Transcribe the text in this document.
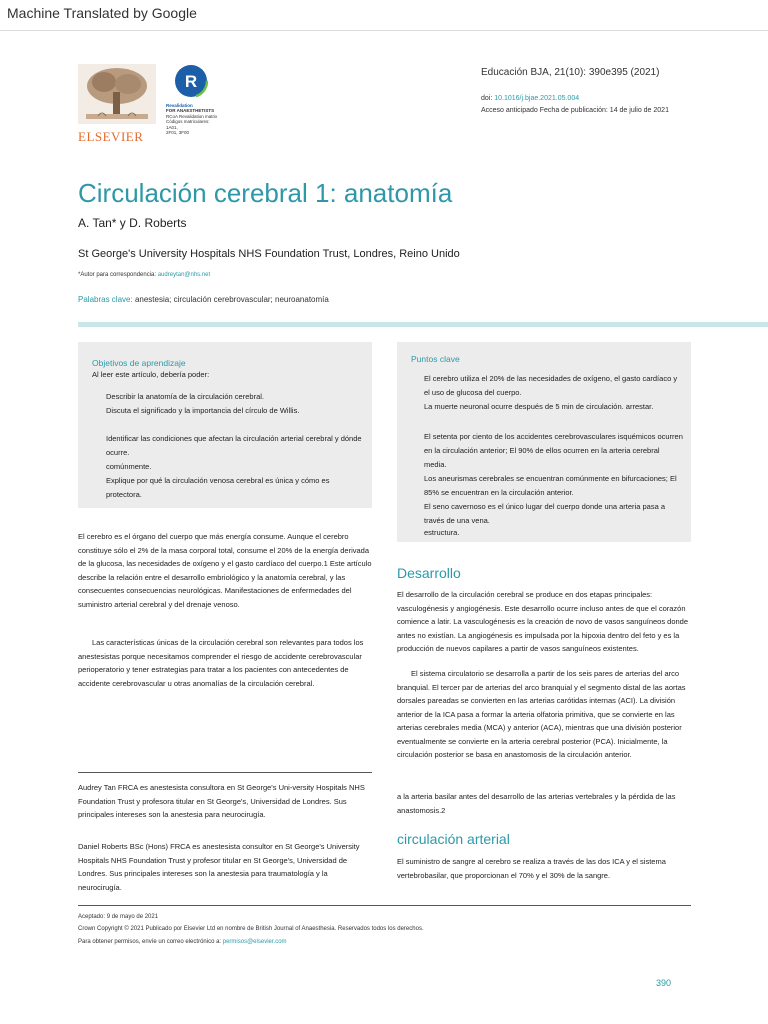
Machine Translated by Google
ELSEVIER
R
Revalidation
FOR ANAESTHETISTS
RCoA Revalidation matrix
Códigos matriculares: 1A01,
2F01, 3F00
Educación BJA, 21(10): 390e395 (2021)
doi: 10.1016/j.bjae.2021.05.004
Acceso anticipado Fecha de publicación: 14 de julio de 2021
Circulación cerebral 1: anatomía
A. Tan* y D. Roberts
St George's University Hospitals NHS Foundation Trust, Londres, Reino Unido
*Autor para correspondencia: audreytan@nhs.net
Palabras clave: anestesia; circulación cerebrovascular; neuroanatomía
Objetivos de aprendizaje
Al leer este artículo, debería poder:
Describir la anatomía de la circulación cerebral.
Discuta el significado y la importancia del círculo de Willis.
Identificar las condiciones que afectan la circulación arterial cerebral y dónde ocurre.
comúnmente.
Explique por qué la circulación venosa cerebral es única y cómo es protectora.
Puntos clave
El cerebro utiliza el 20% de las necesidades de oxígeno, el gasto cardíaco y el uso de glucosa del cuerpo.
La muerte neuronal ocurre después de 5 min de circulación. arrestar.
El setenta por ciento de los accidentes cerebrovasculares isquémicos ocurren en la circulación anterior; El 90% de ellos ocurren en la arteria cerebral media.
Los aneurismas cerebrales se encuentran comúnmente en bifurcaciones; El 85% se encuentran en la circulación anterior.
El seno cavernoso es el único lugar del cuerpo donde una arteria pasa a través de una vena.
estructura.

El cerebro es el órgano del cuerpo que más energía consume. Aunque el cerebro constituye sólo el 2% de la masa corporal total, consume el 20% de la energía derivada de la glucosa, las necesidades de oxígeno y el gasto cardíaco del cuerpo.1 Este artículo describe la relación entre el desarrollo embriológico y la anatomía cerebral, y las consecuentes consecuencias neurológicas. Manifestaciones de enfermedades del suministro arterial cerebral y del drenaje venoso.

Las características únicas de la circulación cerebral son relevantes para todos los anestesistas porque necesitamos comprender el riesgo de accidente cerebrovascular perioperatorio y tener estrategias para tratar a los pacientes con antecedentes de accidente cerebrovascular u otras anomalías de la circulación cerebral.

Audrey Tan FRCA es anestesista consultora en St George's Uni-versity Hospitals NHS Foundation Trust y profesora titular en St George's, Universidad de Londres. Sus principales intereses son la anestesia para neurocirugía.

Daniel Roberts BSc (Hons) FRCA es anestesista consultor en St George's University Hospitals NHS Foundation Trust y profesor titular en St George's, Universidad de Londres. Sus principales intereses son la anestesia para traumatología y la neurocirugía.

Desarrollo

El desarrollo de la circulación cerebral se produce en dos etapas principales: vasculogénesis y angiogénesis. Este desarrollo ocurre incluso antes de que el corazón comience a latir. La vasculogénesis es la creación de novo de vasos sanguíneos donde antes no existían. La angiogénesis es impulsada por la hipoxia dentro del feto y es la producción de nuevos capilares a partir de vasos sanguíneos existentes.

El sistema circulatorio se desarrolla a partir de los seis pares de arterias del arco branquial. El tercer par de arterias del arco branquial y el segmento distal de las aortas dorsales pareadas se convierten en las arterias carótidas internas (ACI). La división anterior de la ICA pasa a formar la arteria olfatoria primitiva, que se convierte en las arterias cerebrales media (MCA) y anterior (ACA), mientras que una división posterior eventualmente se convierte en la arteria cerebral posterior (PCA). Inicialmente, la circulación posterior se basa en anastomosis de la circulación anterior.

a la arteria basilar antes del desarrollo de las arterias vertebrales y la pérdida de las anastomosis.2

circulación arterial

El suministro de sangre al cerebro se realiza a través de las dos ICA y el sistema vertebrobasilar, que proporcionan el 70% y el 30% de la sangre.

Aceptado: 9 de mayo de 2021
Crown Copyright © 2021 Publicado por Elsevier Ltd en nombre de British Journal of Anaesthesia. Reservados todos los derechos.
Para obtener permisos, envíe un correo electrónico a: permisos@elsevier.com
390
